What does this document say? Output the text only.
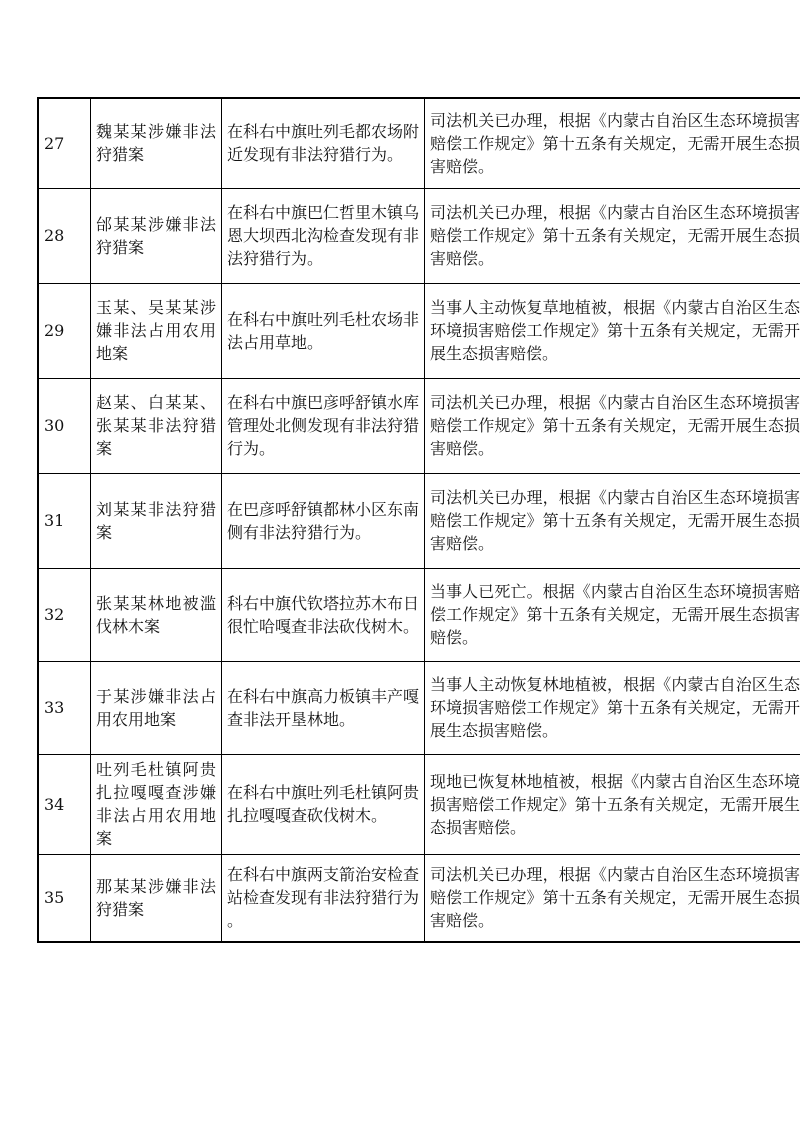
27	魏某某涉嫌非法狩猎案	在科右中旗吐列毛都农场附近发现有非法狩猎行为。	司法机关已办理，根据《内蒙古自治区生态环境损害赔偿工作规定》第十五条有关规定，无需开展生态损害赔偿。
28	邰某某涉嫌非法狩猎案	在科右中旗巴仁哲里木镇乌恩大坝西北沟检查发现有非法狩猎行为。	司法机关已办理，根据《内蒙古自治区生态环境损害赔偿工作规定》第十五条有关规定，无需开展生态损害赔偿。
29	玉某、吴某某涉嫌非法占用农用地案	在科右中旗吐列毛杜农场非法占用草地。	当事人主动恢复草地植被，根据《内蒙古自治区生态环境损害赔偿工作规定》第十五条有关规定，无需开展生态损害赔偿。
30	赵某、白某某、张某某非法狩猎案	在科右中旗巴彦呼舒镇水库管理处北侧发现有非法狩猎行为。	司法机关已办理，根据《内蒙古自治区生态环境损害赔偿工作规定》第十五条有关规定，无需开展生态损害赔偿。
31	刘某某非法狩猎案	在巴彦呼舒镇都林小区东南侧有非法狩猎行为。	司法机关已办理，根据《内蒙古自治区生态环境损害赔偿工作规定》第十五条有关规定，无需开展生态损害赔偿。
32	张某某林地被滥伐林木案	科右中旗代钦塔拉苏木布日很忙哈嘎查非法砍伐树木。	当事人已死亡。根据《内蒙古自治区生态环境损害赔偿工作规定》第十五条有关规定，无需开展生态损害赔偿。
33	于某涉嫌非法占用农用地案	在科右中旗高力板镇丰产嘎查非法开垦林地。	当事人主动恢复林地植被，根据《内蒙古自治区生态环境损害赔偿工作规定》第十五条有关规定，无需开展生态损害赔偿。
34	吐列毛杜镇阿贵扎拉嘎嘎查涉嫌非法占用农用地案	在科右中旗吐列毛杜镇阿贵扎拉嘎嘎查砍伐树木。	现地已恢复林地植被，根据《内蒙古自治区生态环境损害赔偿工作规定》第十五条有关规定，无需开展生态损害赔偿。
35	那某某涉嫌非法狩猎案	在科右中旗两支箭治安检查站检查发现有非法狩猎行为。	司法机关已办理，根据《内蒙古自治区生态环境损害赔偿工作规定》第十五条有关规定，无需开展生态损害赔偿。
